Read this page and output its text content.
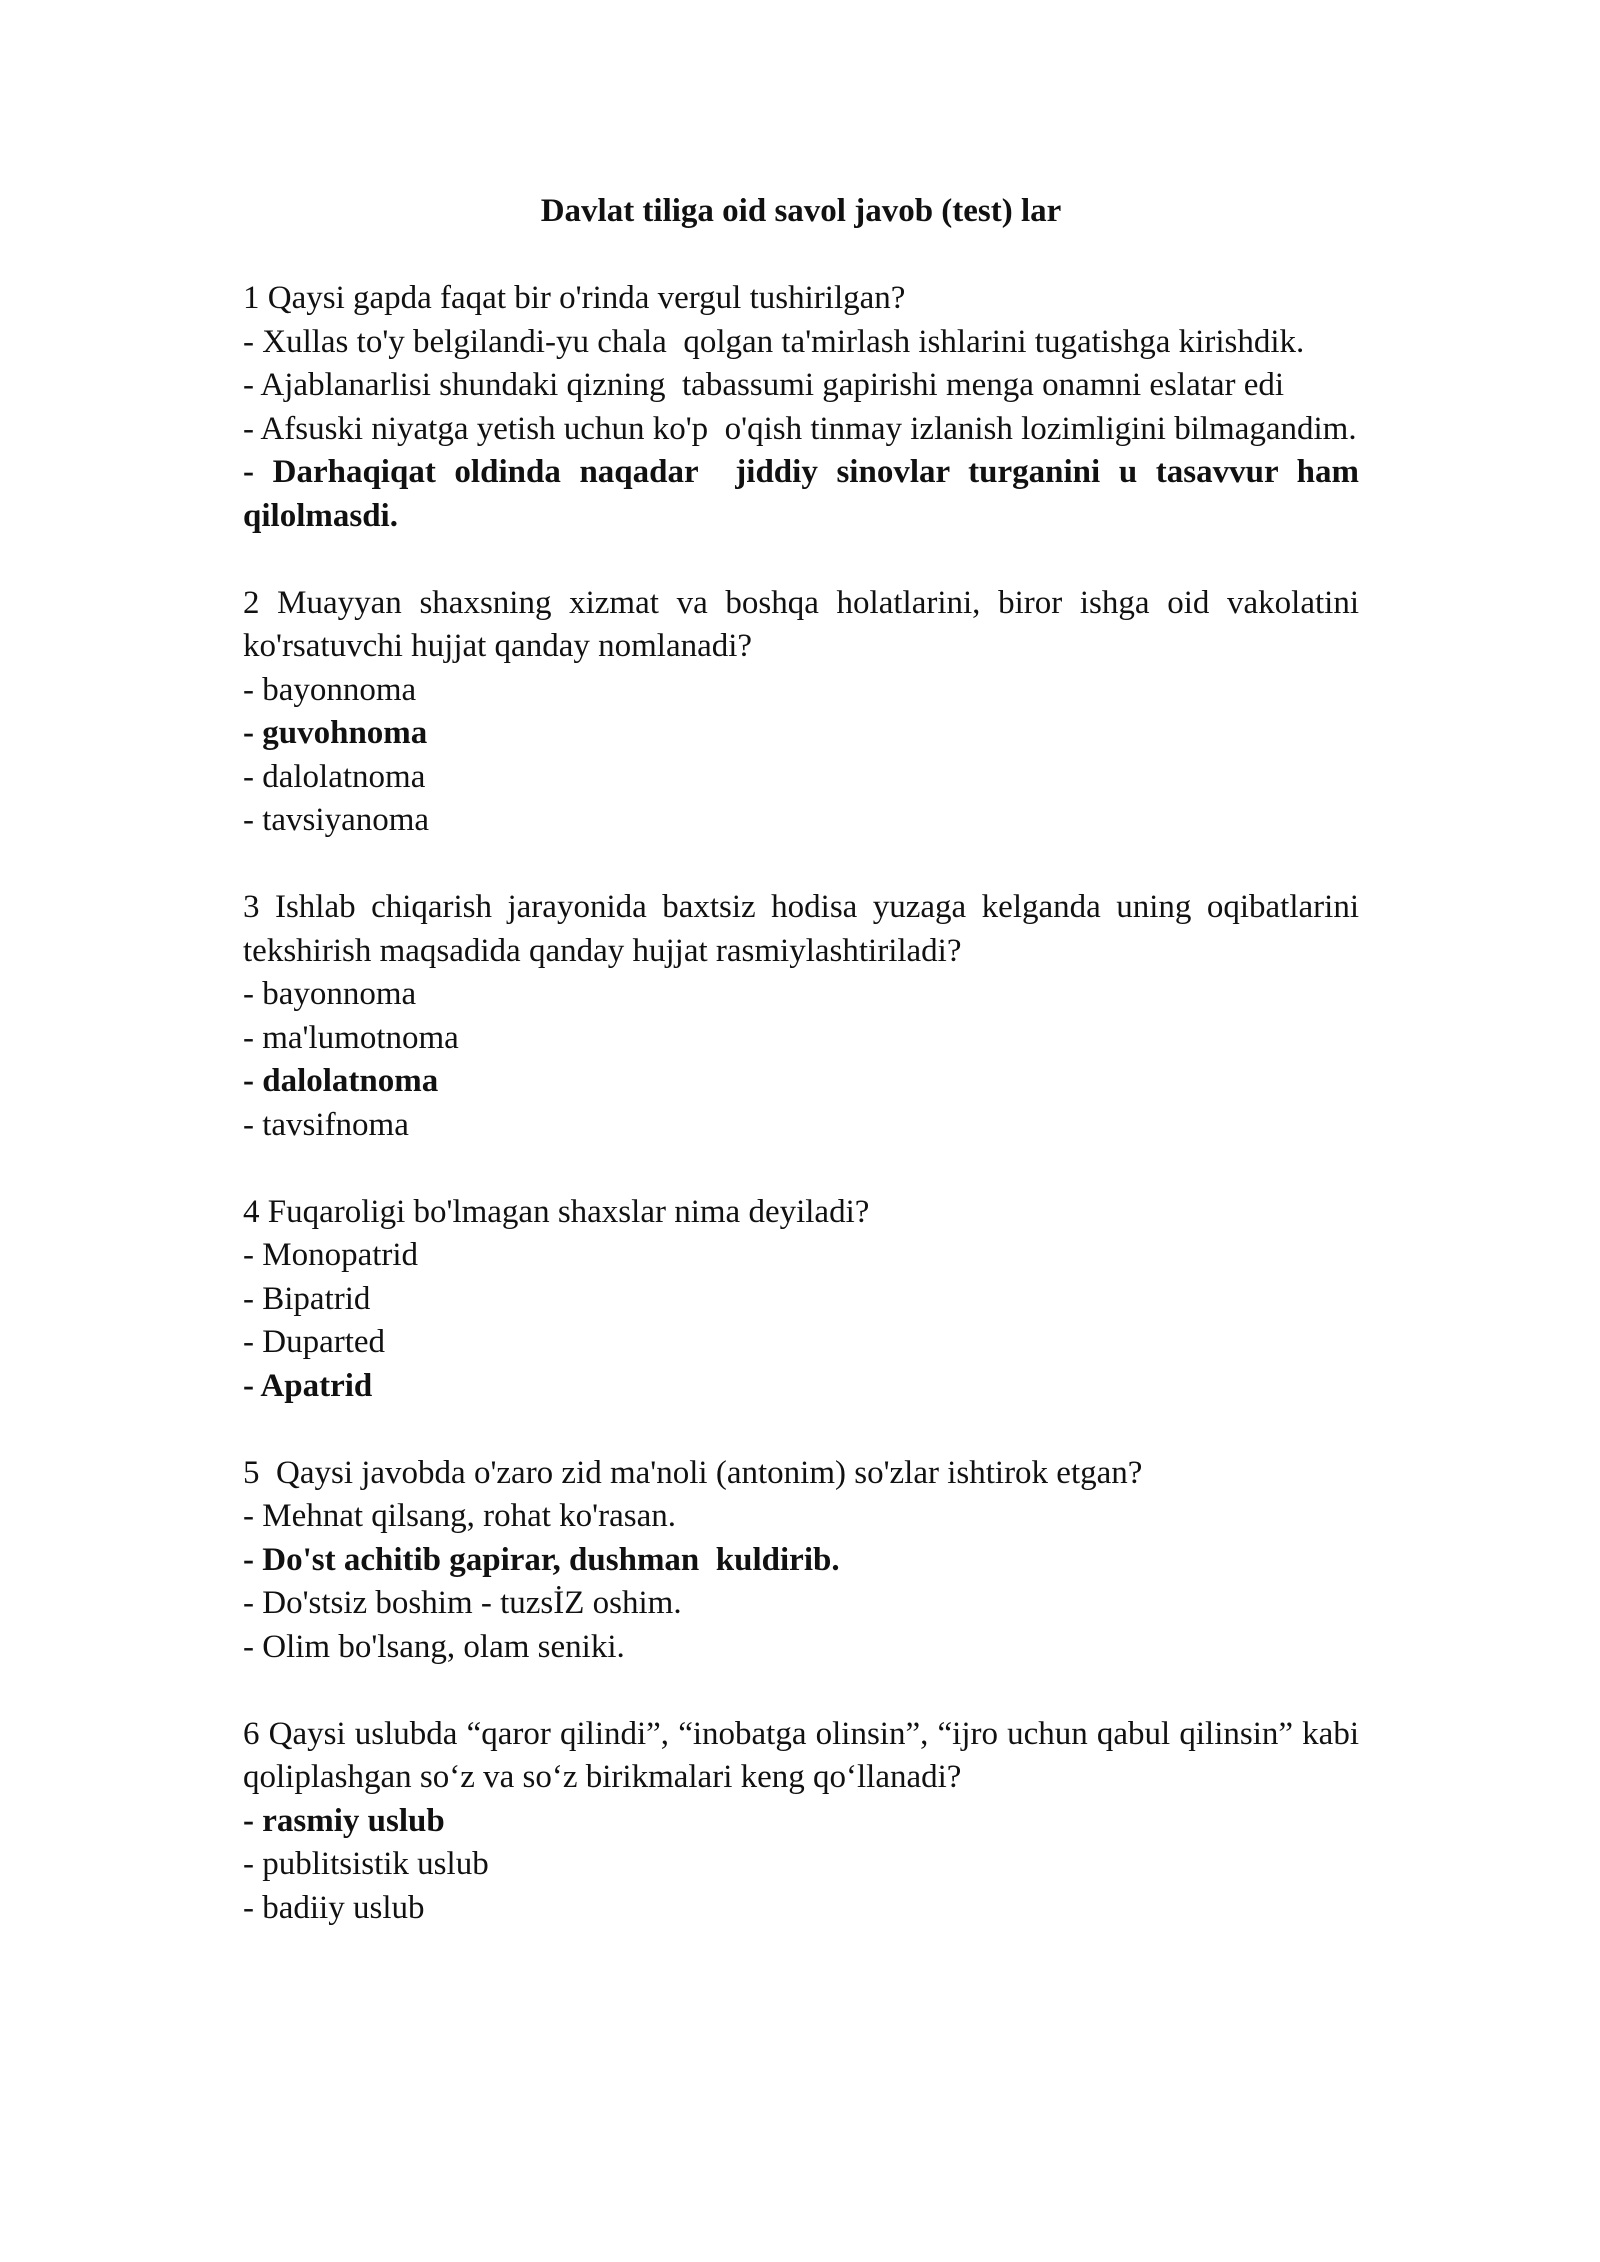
Davlat tiliga oid savol javob (test) lar

1 Qaysi gapda faqat bir o'rinda vergul tushirilgan?

- Xullas to'y belgilandi-yu chala  qolgan ta'mirlash ishlarini tugatishga kirishdik.

- Ajablanarlisi shundaki qizning  tabassumi gapirishi menga onamni eslatar edi

- Afsuski niyatga yetish uchun ko'p  o'qish tinmay izlanish lozimligini bilmagandim.

- Darhaqiqat oldinda naqadar  jiddiy sinovlar turganini u tasavvur ham qilolmasdi.

2 Muayyan shaxsning xizmat va boshqa holatlarini, biror ishga oid vakolatini ko'rsatuvchi hujjat qanday nomlanadi?

- bayonnoma

- guvohnoma

- dalolatnoma

- tavsiyanoma

3 Ishlab chiqarish jarayonida baxtsiz hodisa yuzaga kelganda uning oqibatlarini tekshirish maqsadida qanday hujjat rasmiylashtiriladi?

- bayonnoma

- ma'lumotnoma

- dalolatnoma

- tavsifnoma

4 Fuqaroligi bo'lmagan shaxslar nima deyiladi?

- Monopatrid

- Bipatrid

- Duparted

- Apatrid

5  Qaysi javobda o'zaro zid ma'noli (antonim) so'zlar ishtirok etgan?

- Mehnat qilsang, rohat ko'rasan.

- Do'st achitib gapirar, dushman  kuldirib.

- Do'stsiz boshim - tuzsİZ oshim.

- Olim bo'lsang, olam seniki.

6 Qaysi uslubda “qaror qilindi”, “inobatga olinsin”, “ijro uchun qabul qilinsin” kabi qoliplashgan so‘z va so‘z birikmalari keng qo‘llanadi?

- rasmiy uslub

- publitsistik uslub

- badiiy uslub
